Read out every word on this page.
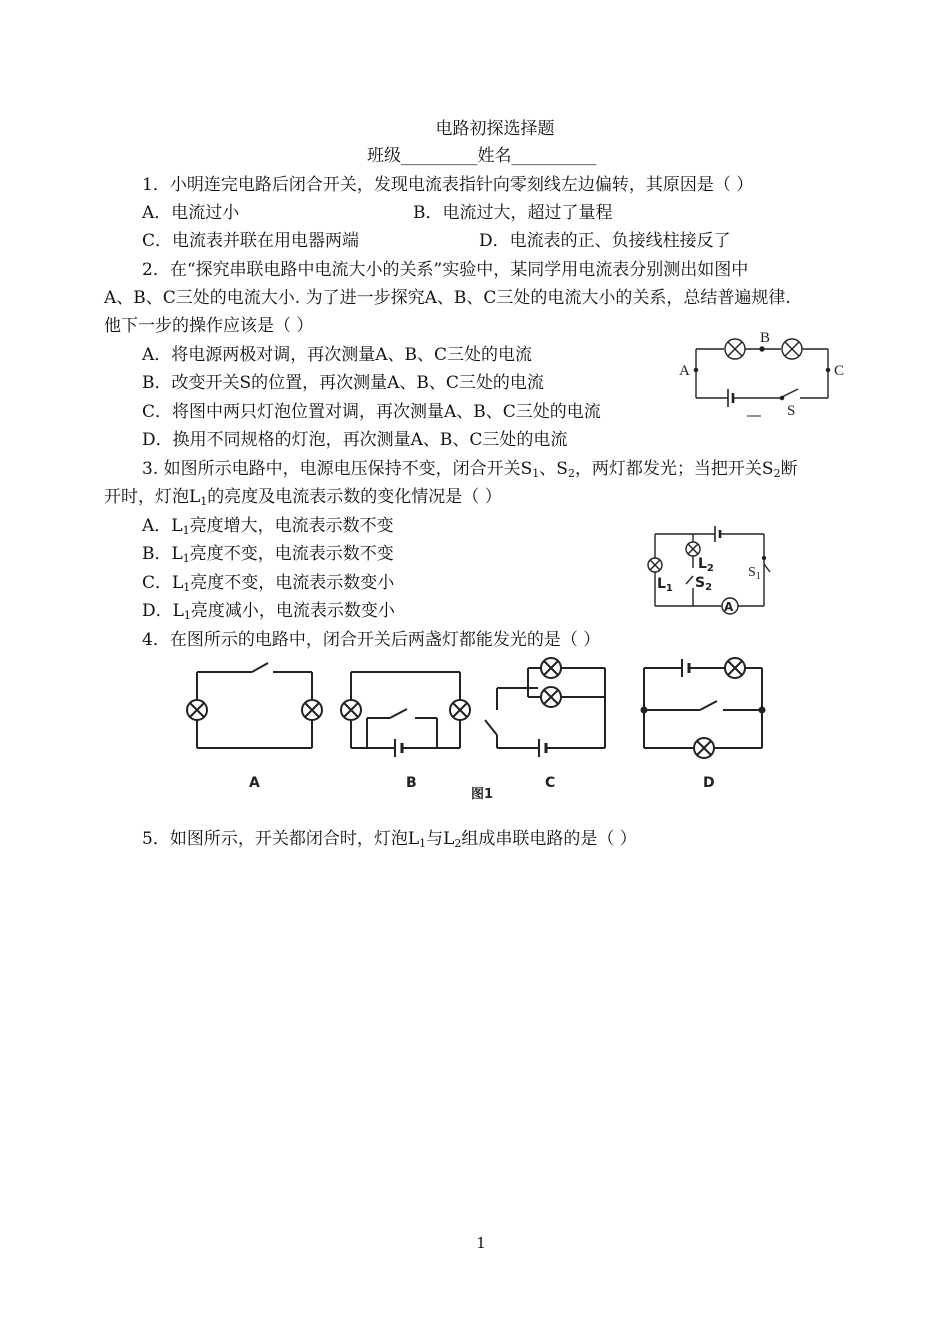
电路初探选择题
班级_________姓名__________
1．小明连完电路后闭合开关，发现电流表指针向零刻线左边偏转，其原因是（ ）
A．电流过小	B．电流过大，超过了量程
C．电流表并联在用电器两端	D．电流表的正、负接线柱接反了
2．在“探究串联电路中电流大小的关系”实验中，某同学用电流表分别测出如图中
A、B、C三处的电流大小. 为了进一步探究A、B、C三处的电流大小的关系，总结普遍规律.
他下一步的操作应该是（ ）
A．将电源两极对调，再次测量A、B、C三处的电流
B．改变开关S的位置，再次测量A、B、C三处的电流
C．将图中两只灯泡位置对调，再次测量A、B、C三处的电流
D．换用不同规格的灯泡，再次测量A、B、C三处的电流
B
A	C
S
3. 如图所示电路中，电源电压保持不变，闭合开关$S_1$、$S_2$，两灯都发光；当把开关$S_2$断
开时，灯泡$L_1$的亮度及电流表示数的变化情况是（ ）
A．$L_1$亮度增大，电流表示数不变
B．$L_1$亮度不变，电流表示数不变
C．$L_1$亮度不变，电流表示数变小
D．$L_1$亮度减小，电流表示数变小	A
$L_1$
$L_2$
$S_2$
$S_1$
4．在图所示的电路中，闭合开关后两盏灯都能发光的是（ ）
A	B	C	D
图1
5．如图所示，开关都闭合时，灯泡$L_1$与$L_2$组成串联电路的是（ ）
1
